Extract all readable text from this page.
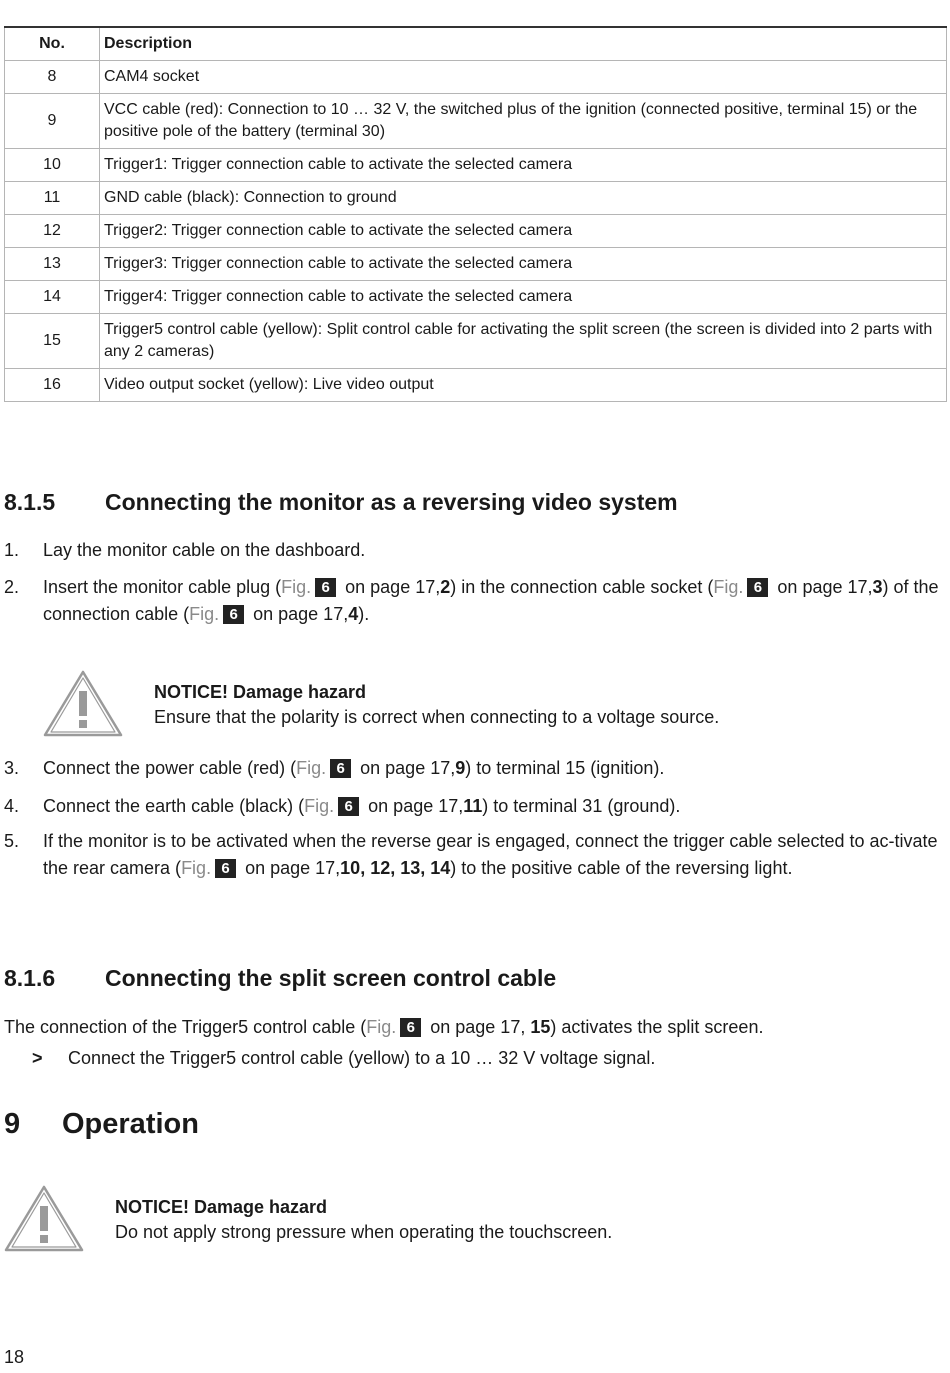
No.	Description
8	CAM4 socket
9	VCC cable (red): Connection to 10 … 32 V, the switched plus of the ignition (connected positive, terminal 15) or the positive pole of the battery (terminal 30)
10	Trigger1: Trigger connection cable to activate the selected camera
11	GND cable (black): Connection to ground
12	Trigger2: Trigger connection cable to activate the selected camera
13	Trigger3: Trigger connection cable to activate the selected camera
14	Trigger4: Trigger connection cable to activate the selected camera
15	Trigger5 control cable (yellow): Split control cable for activating the split screen (the screen is divided into 2 parts with any 2 cameras)
16	Video output socket (yellow): Live video output
8.1.5 Connecting the monitor as a reversing video system
1. Lay the monitor cable on the dashboard.
2. Insert the monitor cable plug (Fig. 6 on page 17,2) in the connection cable socket (Fig. 6 on page 17,3) of the connection cable (Fig. 6 on page 17,4).
NOTICE! Damage hazard
Ensure that the polarity is correct when connecting to a voltage source.
3. Connect the power cable (red) (Fig. 6 on page 17,9) to terminal 15 (ignition).
4. Connect the earth cable (black) (Fig. 6 on page 17,11) to terminal 31 (ground).
5. If the monitor is to be activated when the reverse gear is engaged, connect the trigger cable selected to ac-tivate the rear camera (Fig. 6 on page 17,10, 12, 13, 14) to the positive cable of the reversing light.
8.1.6 Connecting the split screen control cable
The connection of the Trigger5 control cable (Fig. 6 on page 17, 15) activates the split screen.
> Connect the Trigger5 control cable (yellow) to a 10 … 32 V voltage signal.
9 Operation
NOTICE! Damage hazard
Do not apply strong pressure when operating the touchscreen.
18
